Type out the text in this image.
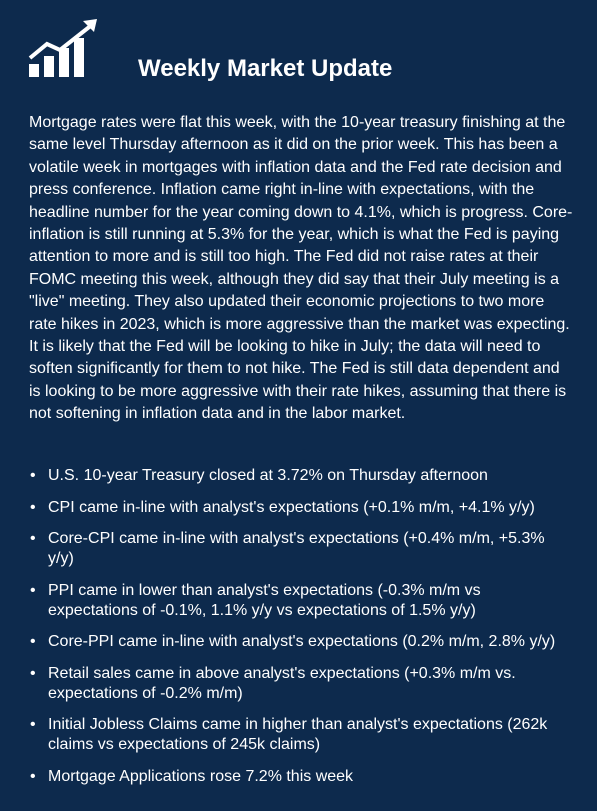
Weekly Market Update

Mortgage rates were flat this week, with the 10-year treasury finishing at the same level Thursday afternoon as it did on the prior week. This has been a volatile week in mortgages with inflation data and the Fed rate decision and press conference. Inflation came right in-line with expectations, with the headline number for the year coming down to 4.1%, which is progress. Core-inflation is still running at 5.3% for the year, which is what the Fed is paying attention to more and is still too high. The Fed did not raise rates at their FOMC meeting this week, although they did say that their July meeting is a "live" meeting. They also updated their economic projections to two more rate hikes in 2023, which is more aggressive than the market was expecting. It is likely that the Fed will be looking to hike in July; the data will need to soften significantly for them to not hike. The Fed is still data dependent and is looking to be more aggressive with their rate hikes, assuming that there is not softening in inflation data and in the labor market.

• U.S. 10-year Treasury closed at 3.72% on Thursday afternoon
• CPI came in-line with analyst's expectations (+0.1% m/m, +4.1% y/y)
• Core-CPI came in-line with analyst's expectations (+0.4% m/m, +5.3% y/y)
• PPI came in lower than analyst's expectations (-0.3% m/m vs expectations of -0.1%, 1.1% y/y vs expectations of 1.5% y/y)
• Core-PPI came in-line with analyst's expectations (0.2% m/m, 2.8% y/y)
• Retail sales came in above analyst's expectations (+0.3% m/m vs. expectations of -0.2% m/m)
• Initial Jobless Claims came in higher than analyst's expectations (262k claims vs expectations of 245k claims)
• Mortgage Applications rose 7.2% this week
